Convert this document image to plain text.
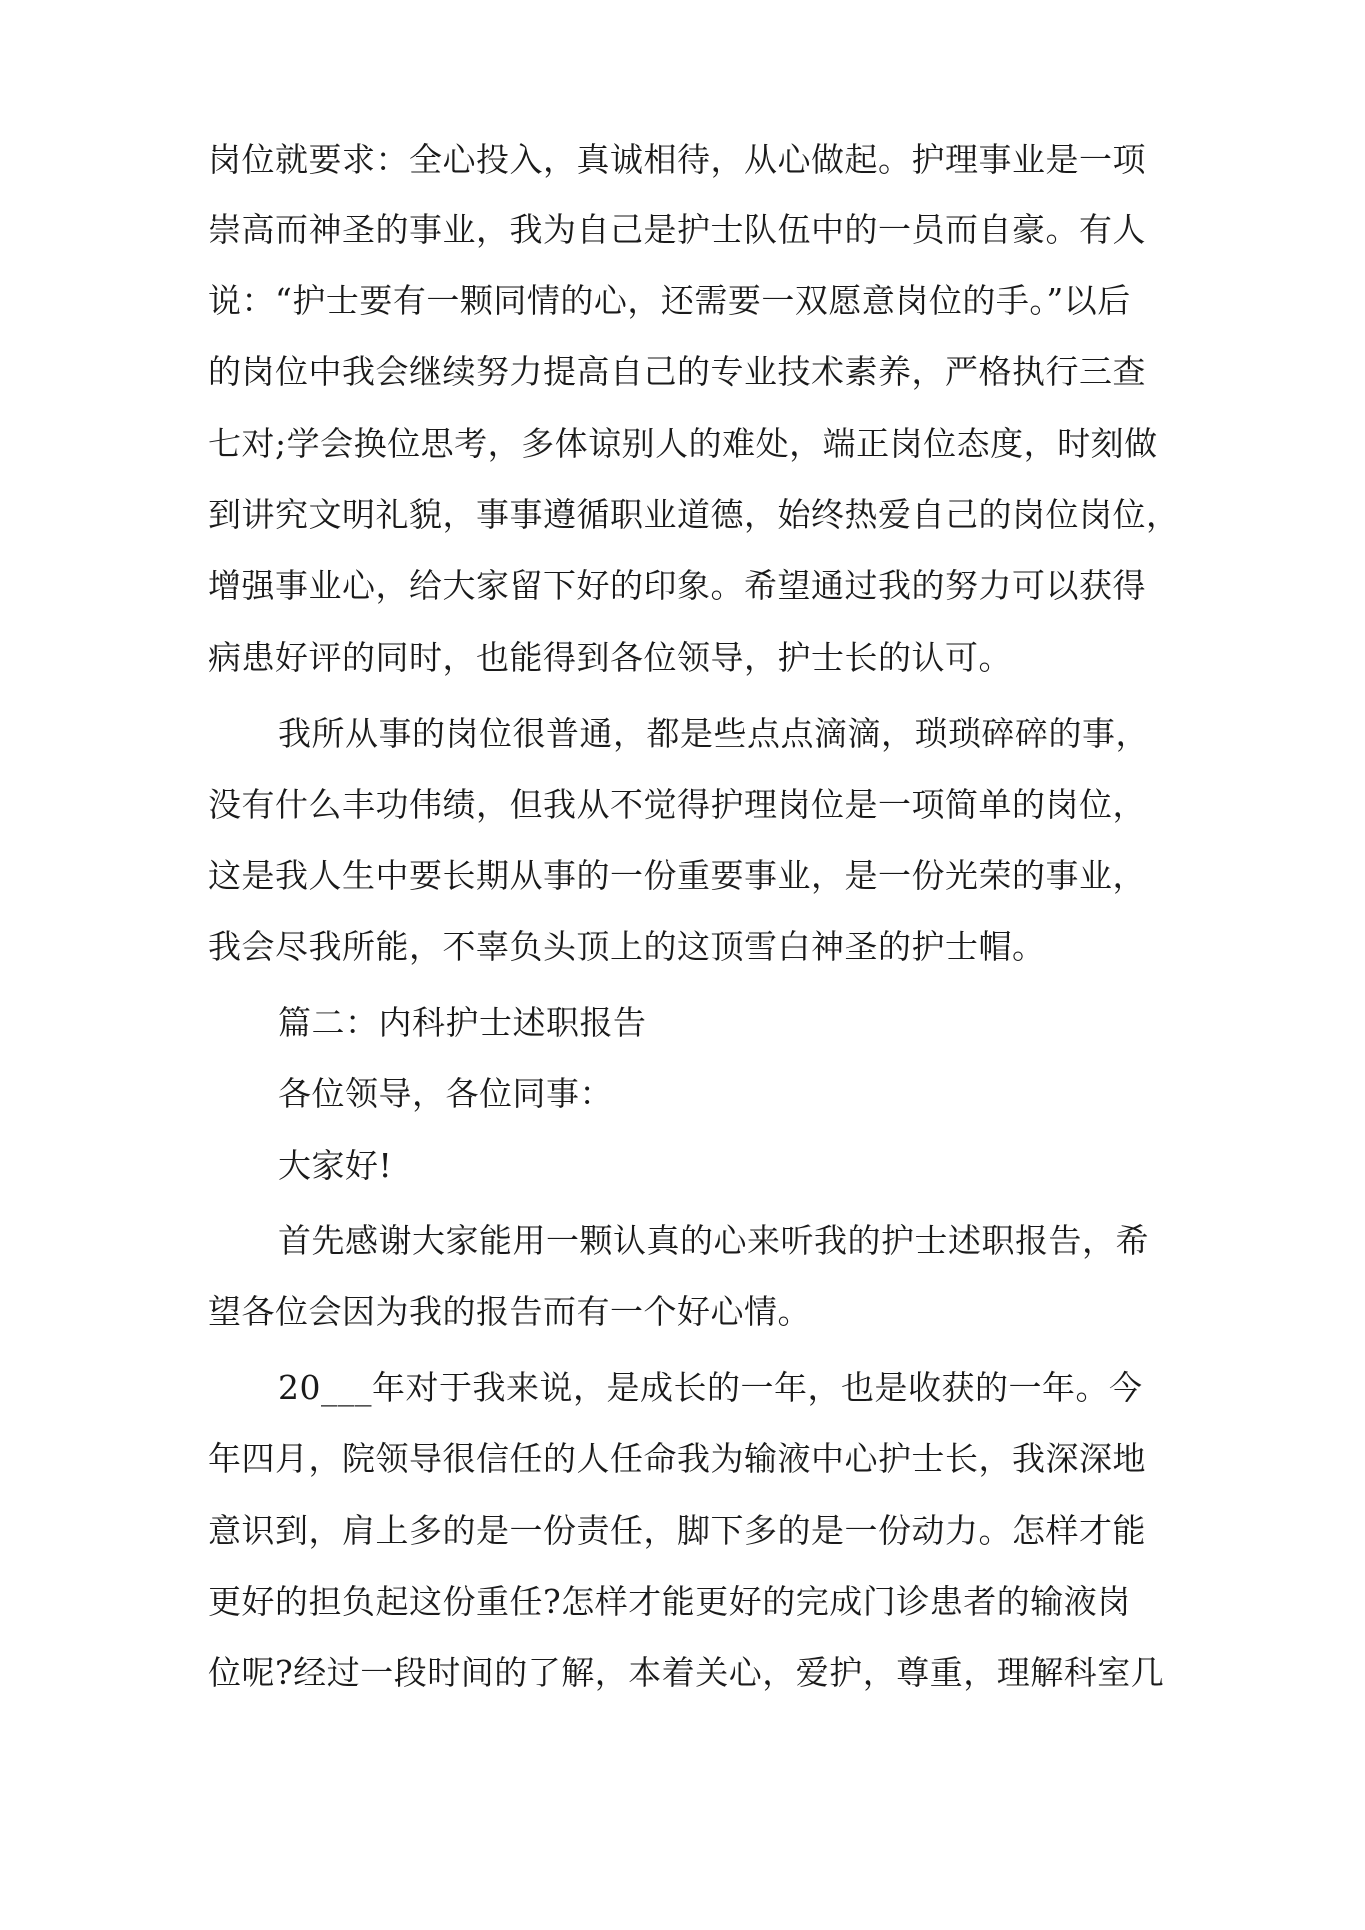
岗位就要求：全心投入，真诚相待，从心做起。护理事业是一项
崇高而神圣的事业，我为自己是护士队伍中的一员而自豪。有人
说：“护士要有一颗同情的心，还需要一双愿意岗位的手。”以后
的岗位中我会继续努力提高自己的专业技术素养，严格执行三查
七对;学会换位思考，多体谅别人的难处，端正岗位态度，时刻做
到讲究文明礼貌，事事遵循职业道德，始终热爱自己的岗位岗位，
增强事业心，给大家留下好的印象。希望通过我的努力可以获得
病患好评的同时，也能得到各位领导，护士长的认可。
我所从事的岗位很普通，都是些点点滴滴，琐琐碎碎的事，
没有什么丰功伟绩，但我从不觉得护理岗位是一项简单的岗位，
这是我人生中要长期从事的一份重要事业，是一份光荣的事业，
我会尽我所能，不辜负头顶上的这顶雪白神圣的护士帽。
篇二：内科护士述职报告
各位领导，各位同事：
大家好!
首先感谢大家能用一颗认真的心来听我的护士述职报告，希
望各位会因为我的报告而有一个好心情。
20___年对于我来说，是成长的一年，也是收获的一年。今
年四月，院领导很信任的人任命我为输液中心护士长，我深深地
意识到，肩上多的是一份责任，脚下多的是一份动力。怎样才能
更好的担负起这份重任?怎样才能更好的完成门诊患者的输液岗
位呢?经过一段时间的了解，本着关心，爱护，尊重，理解科室几
